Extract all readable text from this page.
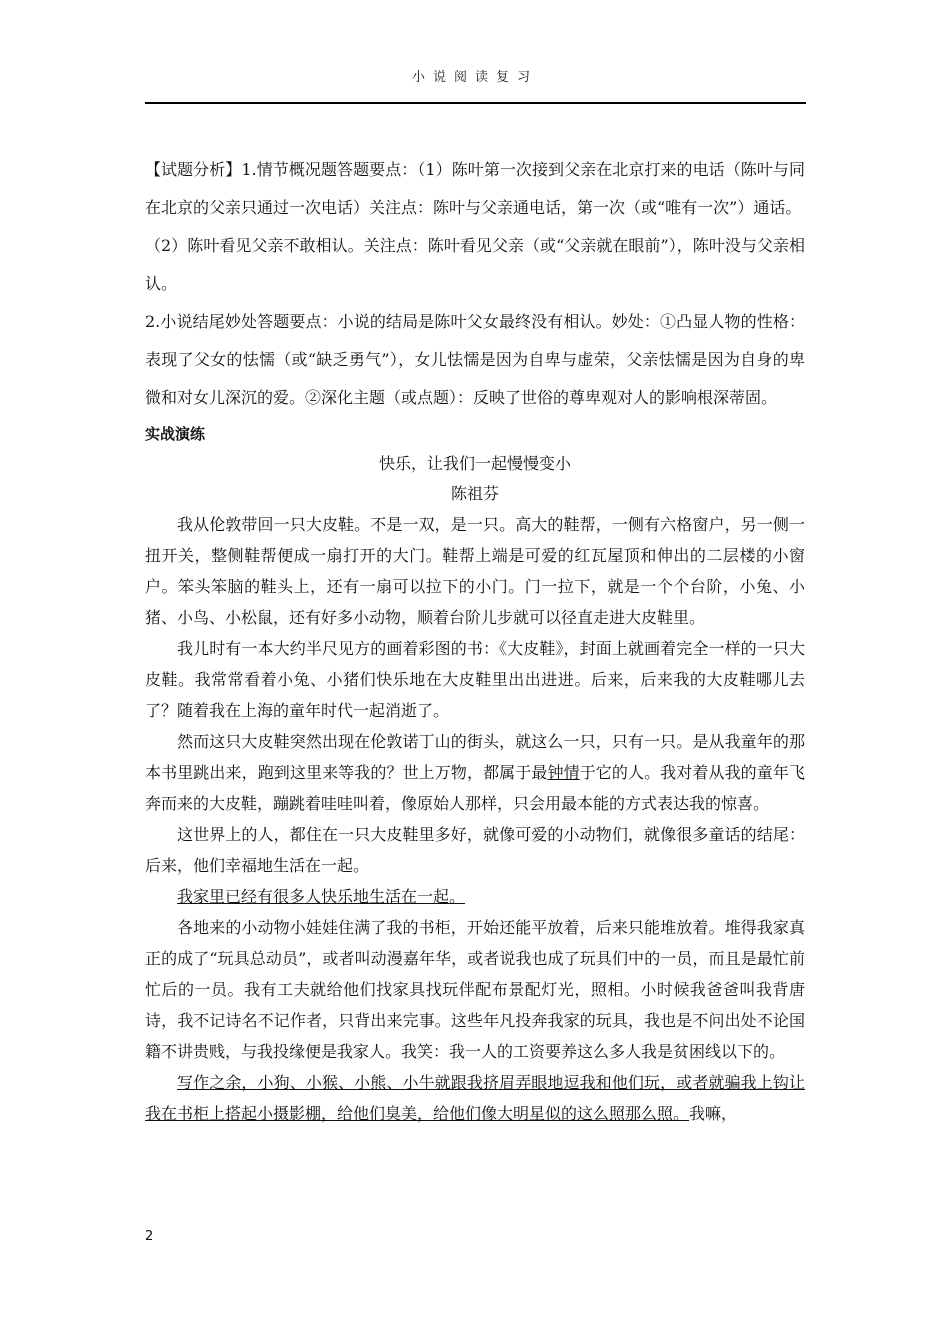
小说阅读复习

【试题分析】1.情节概况题答题要点：（1）陈叶第一次接到父亲在北京打来的电话（陈叶与同在北京的父亲只通过一次电话）关注点：陈叶与父亲通电话，第一次（或“唯有一次”）通话。

（2）陈叶看见父亲不敢相认。关注点：陈叶看见父亲（或“父亲就在眼前”），陈叶没与父亲相认。

2.小说结尾妙处答题要点：小说的结局是陈叶父女最终没有相认。妙处：①凸显人物的性格：表现了父女的怯懦（或“缺乏勇气”），女儿怯懦是因为自卑与虚荣，父亲怯懦是因为自身的卑微和对女儿深沉的爱。②深化主题（或点题）：反映了世俗的尊卑观对人的影响根深蒂固。

实战演练
快乐，让我们一起慢慢变小
陈祖芬

我从伦敦带回一只大皮鞋。不是一双，是一只。高大的鞋帮，一侧有六格窗户，另一侧一扭开关，整侧鞋帮便成一扇打开的大门。鞋帮上端是可爱的红瓦屋顶和伸出的二层楼的小窗户。笨头笨脑的鞋头上，还有一扇可以拉下的小门。门一拉下，就是一个个台阶，小兔、小猪、小鸟、小松鼠，还有好多小动物，顺着台阶儿步就可以径直走进大皮鞋里。

我儿时有一本大约半尺见方的画着彩图的书：《大皮鞋》，封面上就画着完全一样的一只大皮鞋。我常常看着小兔、小猪们快乐地在大皮鞋里出出进进。后来，后来我的大皮鞋哪儿去了？随着我在上海的童年时代一起消逝了。

然而这只大皮鞋突然出现在伦敦诺丁山的街头，就这么一只，只有一只。是从我童年的那本书里跳出来，跑到这里来等我的？世上万物，都属于最钟情于它的人。我对着从我的童年飞奔而来的大皮鞋，蹦跳着哇哇叫着，像原始人那样，只会用最本能的方式表达我的惊喜。

这世界上的人，都住在一只大皮鞋里多好，就像可爱的小动物们，就像很多童话的结尾：后来，他们幸福地生活在一起。

我家里已经有很多人快乐地生活在一起。

各地来的小动物小娃娃住满了我的书柜，开始还能平放着，后来只能堆放着。堆得我家真正的成了“玩具总动员”，或者叫动漫嘉年华，或者说我也成了玩具们中的一员，而且是最忙前忙后的一员。我有工夫就给他们找家具找玩伴配布景配灯光，照相。小时候我爸爸叫我背唐诗，我不记诗名不记作者，只背出来完事。这些年凡投奔我家的玩具，我也是不问出处不论国籍不讲贵贱，与我投缘便是我家人。我笑：我一人的工资要养这么多人我是贫困线以下的。

写作之余，小狗、小猴、小熊、小牛就跟我挤眉弄眼地逗我和他们玩，或者就骗我上钩让我在书柜上搭起小摄影棚，给他们臭美，给他们像大明星似的这么照那么照。我嘛，

2
